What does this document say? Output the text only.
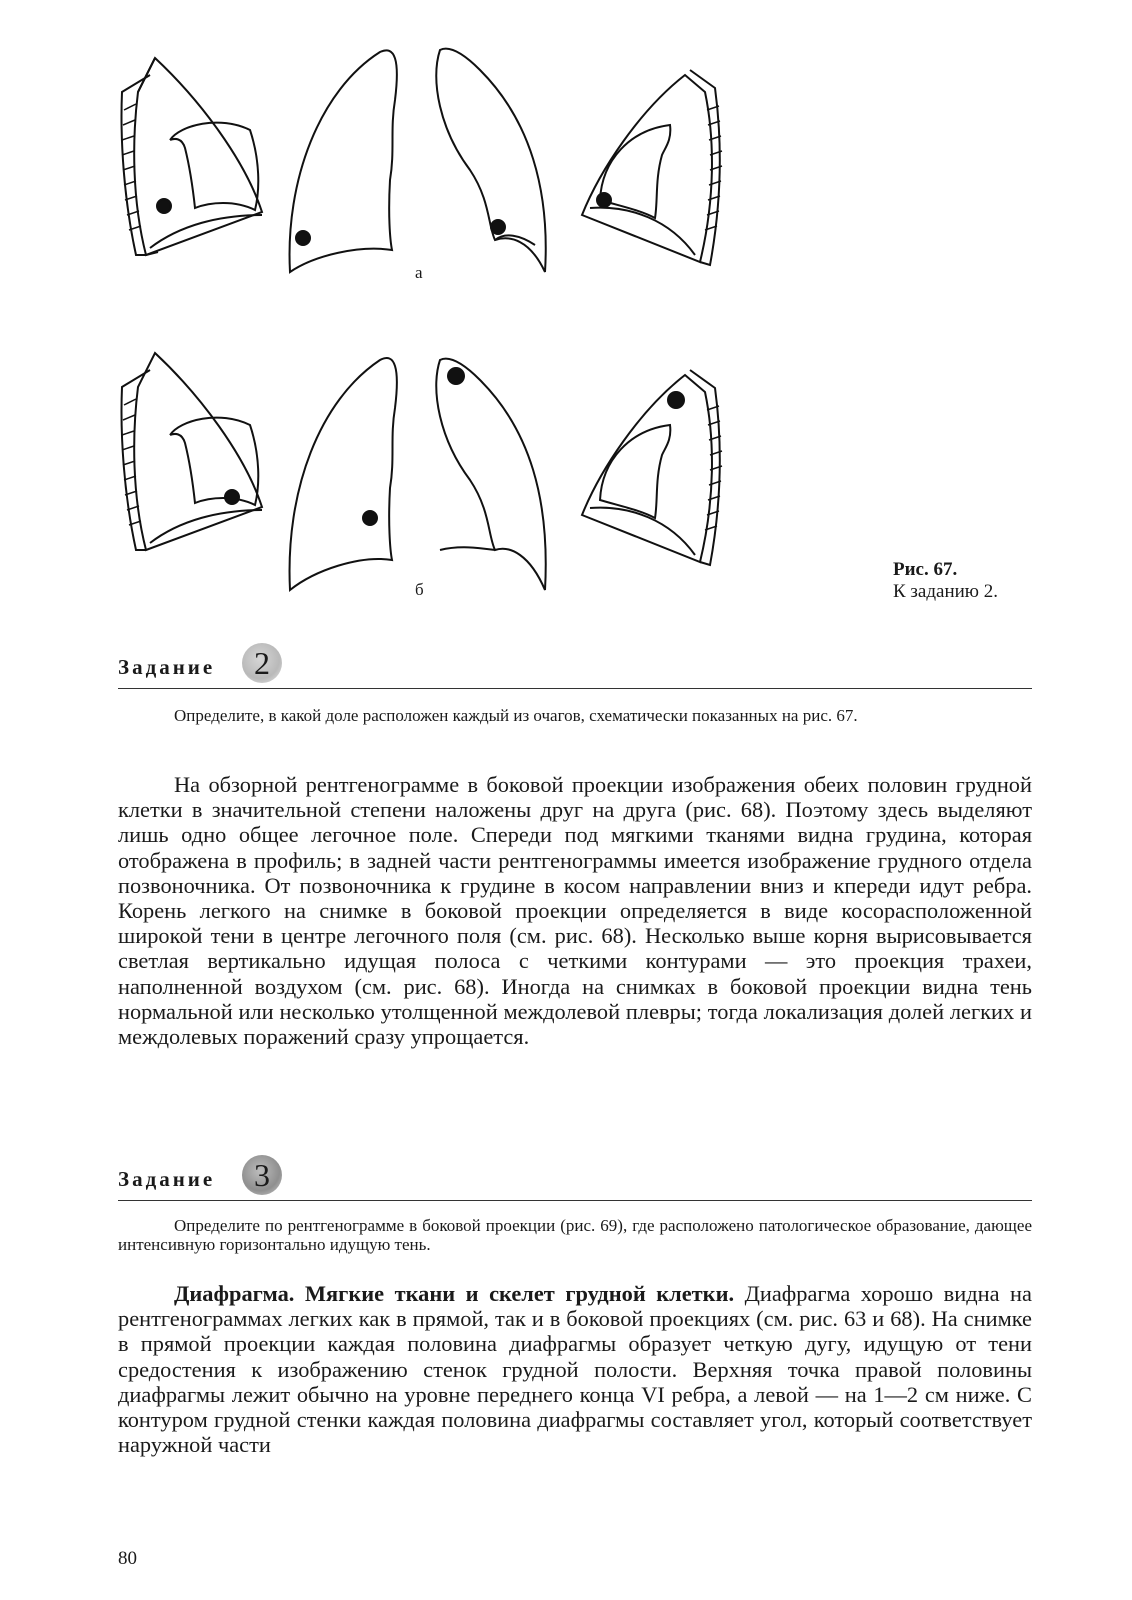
а
б
Рис. 67.
К заданию 2.
Задание 2
Определите, в какой доле расположен каждый из очагов, схематически показанных на рис. 67.
На обзорной рентгенограмме в боковой проекции изображения обеих половин грудной клетки в значительной степени наложены друг на друга (рис. 68). Поэтому здесь выделяют лишь одно общее легочное поле. Спереди под мягкими тканями видна грудина, которая отображена в профиль; в задней части рентгенограммы имеется изображение грудного отдела позвоночника. От позвоночника к грудине в косом направлении вниз и кпереди идут ребра. Корень легкого на снимке в боковой проекции определяется в виде косорасположенной широкой тени в центре легочного поля (см. рис. 68). Несколько выше корня вырисовывается светлая вертикально идущая полоса с четкими контурами — это проекция трахеи, наполненной воздухом (см. рис. 68). Иногда на снимках в боковой проекции видна тень нормальной или несколько утолщенной междолевой плевры; тогда локализация долей легких и междолевых поражений сразу упрощается.
Задание 3
Определите по рентгенограмме в боковой проекции (рис. 69), где расположено патологическое образование, дающее интенсивную горизонтально идущую тень.
Диафрагма. Мягкие ткани и скелет грудной клетки. Диафрагма хорошо видна на рентгенограммах легких как в прямой, так и в боковой проекциях (см. рис. 63 и 68). На снимке в прямой проекции каждая половина диафрагмы образует четкую дугу, идущую от тени средостения к изображению стенок грудной полости. Верхняя точка правой половины диафрагмы лежит обычно на уровне переднего конца VI ребра, а левой — на 1—2 см ниже. С контуром грудной стенки каждая половина диафрагмы составляет угол, который соответствует наружной части
80
